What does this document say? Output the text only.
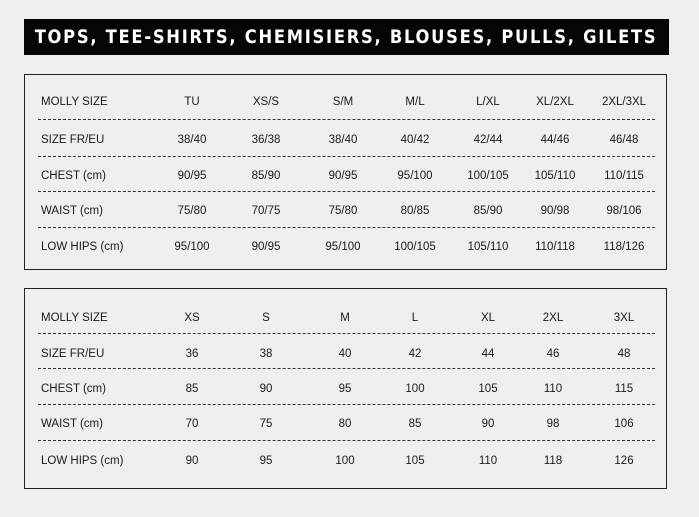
TOPS, TEE-SHIRTS, CHEMISIERS, BLOUSES, PULLS, GILETS
MOLLY SIZE	TU	XS/S	S/M	M/L	L/XL	XL/2XL 2XL/3XL
SIZE FR/EU	38/40	36/38	38/40	40/42	42/44	44/46	46/48
CHEST (cm)	90/95	85/90	90/95	95/100	100/105 105/110 110/115
WAIST (cm)	75/80	70/75	75/80	80/85	85/90	90/98	98/106
LOW HIPS (cm)	95/100	90/95	95/100	100/105	105/110 110/118 118/126
MOLLY SIZE	XS	S	M	L	XL	2XL	3XL
SIZE FR/EU	36	38	40	42	44	46	48
CHEST (cm)	85	90	95	100	105	110	115
WAIST (cm)	70	75	80	85	90	98	106
LOW HIPS (cm)	90	95	100	105	110	118	126
